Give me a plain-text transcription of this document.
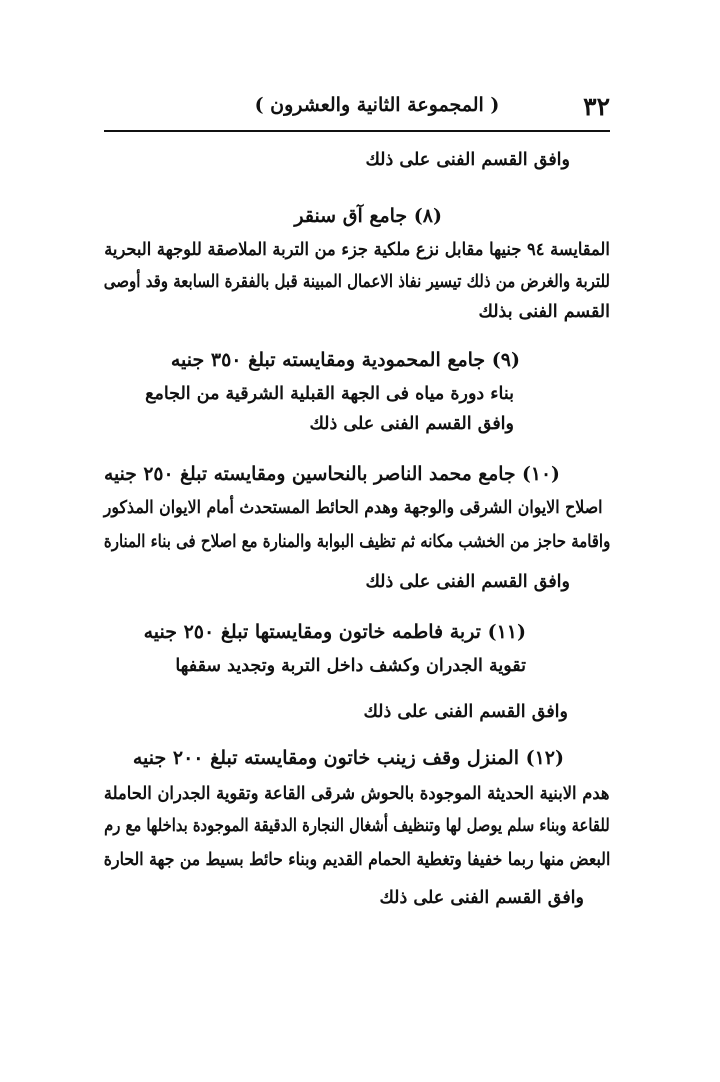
٣٢
( المجموعة الثانية والعشرون )
وافق القسم الفنى على ذلك
(٨) جامع آق سنقر
المقايسة ٩٤ جنيها مقابل نزع ملكية جزء من التربة الملاصقة للوجهة البحرية
للتربة والغرض من ذلك تيسير نفاذ الاعمال المبينة قبل بالفقرة السابعة وقد أوصى
القسم الفنى بذلك
(٩) جامع المحمودية ومقايسته تبلغ ٣٥٠ جنيه
بناء دورة مياه فى الجهة القبلية الشرقية من الجامع
وافق القسم الفنى على ذلك
(١٠) جامع محمد الناصر بالنحاسين ومقايسته تبلغ ٢٥٠ جنيه
اصلاح الايوان الشرقى والوجهة وهدم الحائط المستحدث أمام الايوان المذكور
واقامة حاجز من الخشب مكانه ثم تظيف البوابة والمنارة مع اصلاح فى بناء المنارة
وافق القسم الفنى على ذلك
(١١) تربة فاطمه خاتون ومقايستها تبلغ ٢٥٠ جنيه
تقوية الجدران وكشف داخل التربة وتجديد سقفها
وافق القسم الفنى على ذلك
(١٢) المنزل وقف زينب خاتون ومقايسته تبلغ ٢٠٠ جنيه
هدم الابنية الحديثة الموجودة بالحوش شرقى القاعة وتقوية الجدران الحاملة
للقاعة وبناء سلم يوصل لها وتنظيف أشغال النجارة الدقيقة الموجودة بداخلها مع رم
البعض منها ربما خفيفا وتغطية الحمام القديم وبناء حائط بسيط من جهة الحارة
وافق القسم الفنى على ذلك
